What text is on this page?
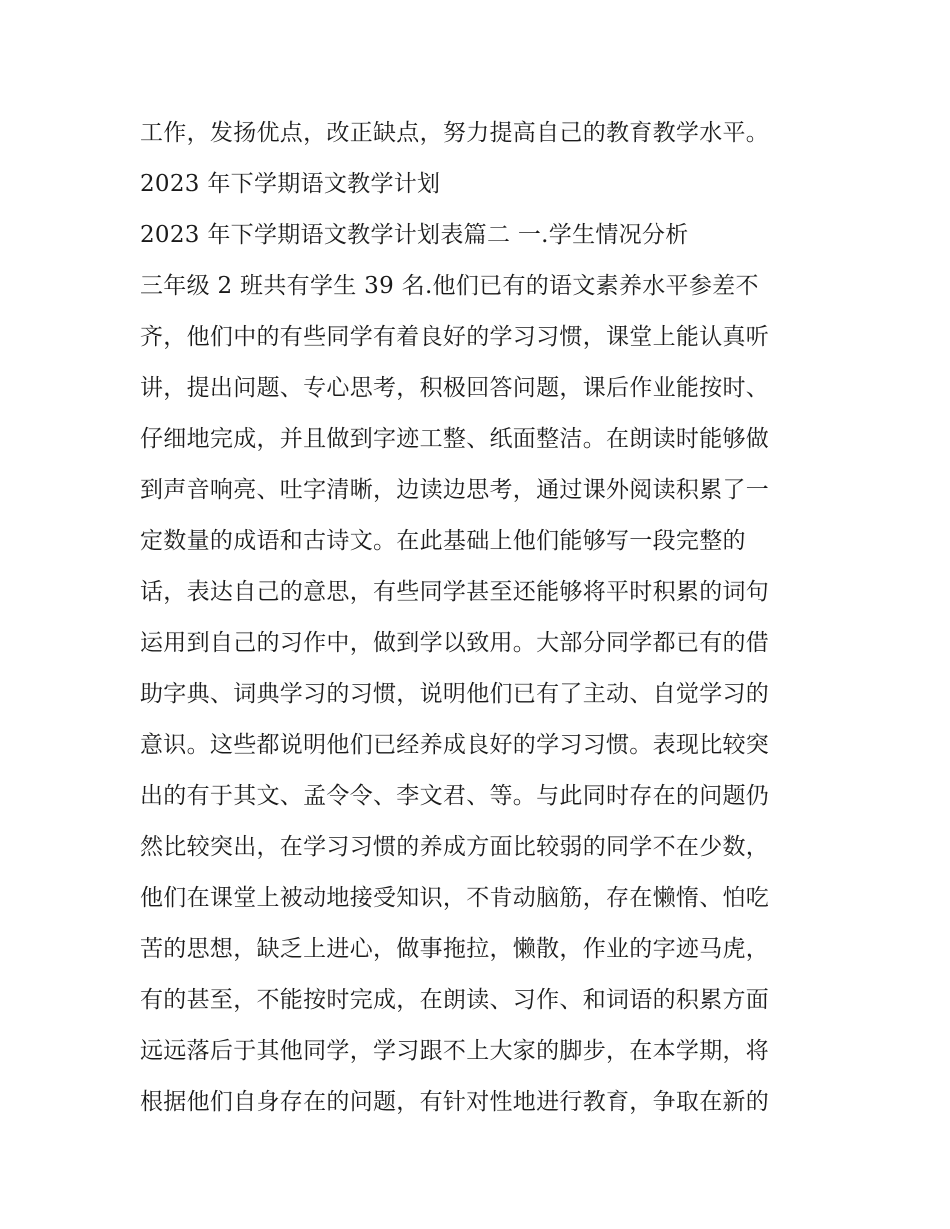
工作，发扬优点，改正缺点，努力提高自己的教育教学水平。
2023 年下学期语文教学计划
2023 年下学期语文教学计划表篇二 一.学生情况分析
三年级 2 班共有学生 39 名.他们已有的语文素养水平参差不
齐，他们中的有些同学有着良好的学习习惯，课堂上能认真听
讲，提出问题、专心思考，积极回答问题，课后作业能按时、
仔细地完成，并且做到字迹工整、纸面整洁。在朗读时能够做
到声音响亮、吐字清晰，边读边思考，通过课外阅读积累了一
定数量的成语和古诗文。在此基础上他们能够写一段完整的
话，表达自己的意思，有些同学甚至还能够将平时积累的词句
运用到自己的习作中，做到学以致用。大部分同学都已有的借
助字典、词典学习的习惯，说明他们已有了主动、自觉学习的
意识。这些都说明他们已经养成良好的学习习惯。表现比较突
出的有于其文、孟令令、李文君、等。与此同时存在的问题仍
然比较突出，在学习习惯的养成方面比较弱的同学不在少数，
他们在课堂上被动地接受知识，不肯动脑筋，存在懒惰、怕吃
苦的思想，缺乏上进心，做事拖拉，懒散，作业的字迹马虎，
有的甚至，不能按时完成，在朗读、习作、和词语的积累方面
远远落后于其他同学，学习跟不上大家的脚步，在本学期，将
根据他们自身存在的问题，有针对性地进行教育，争取在新的
